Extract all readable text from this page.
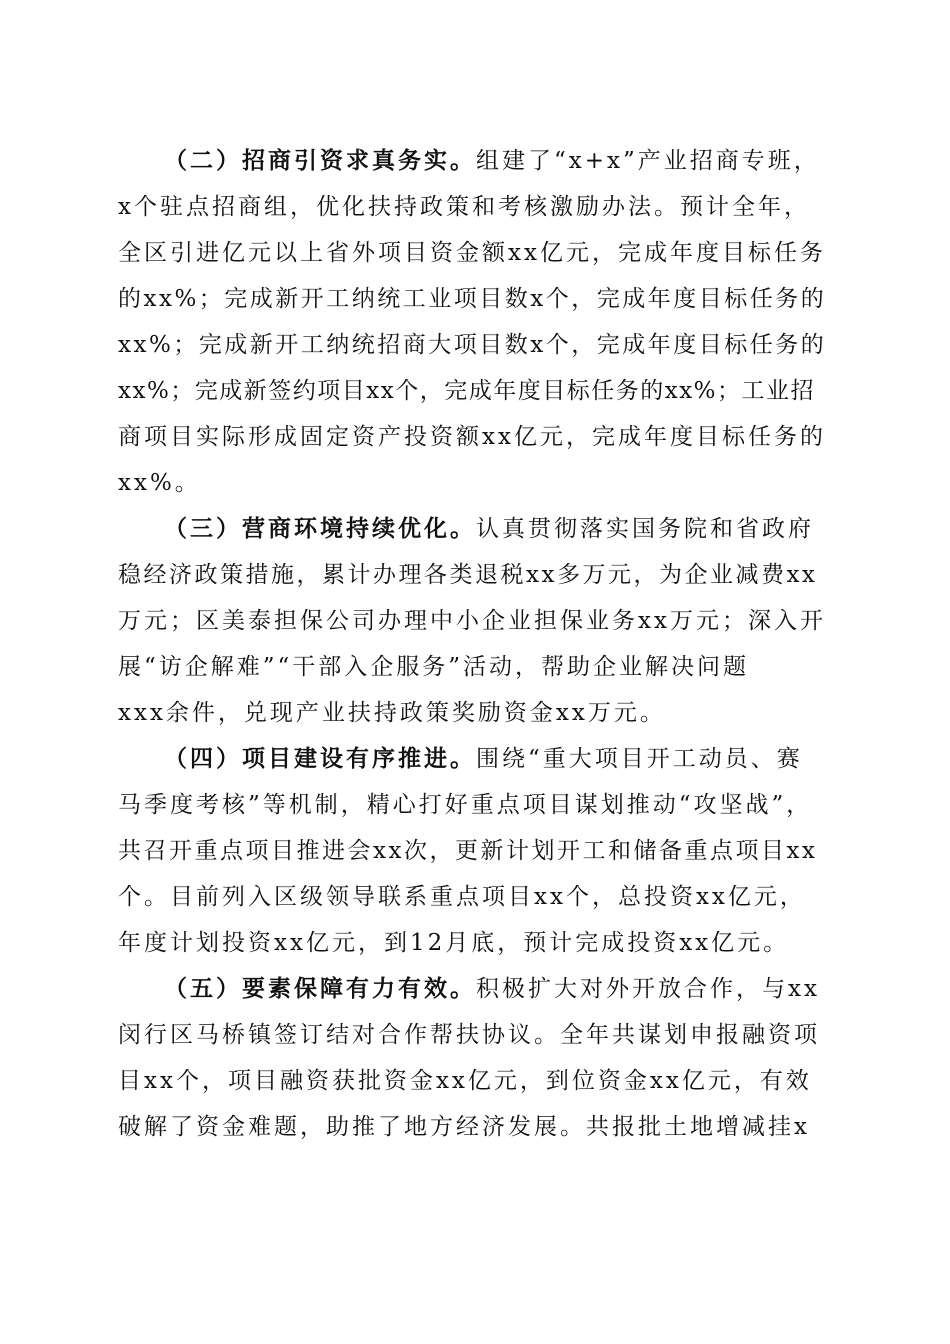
（二）招商引资求真务实。组建了“x+x”产业招商专班，
x个驻点招商组，优化扶持政策和考核激励办法。预计全年，
全区引进亿元以上省外项目资金额xx亿元，完成年度目标任务
的xx%；完成新开工纳统工业项目数x个，完成年度目标任务的
xx%；完成新开工纳统招商大项目数x个，完成年度目标任务的
xx%；完成新签约项目xx个，完成年度目标任务的xx%；工业招
商项目实际形成固定资产投资额xx亿元，完成年度目标任务的
xx%。
（三）营商环境持续优化。认真贯彻落实国务院和省政府
稳经济政策措施，累计办理各类退税xx多万元，为企业减费xx
万元；区美泰担保公司办理中小企业担保业务xx万元；深入开
展“访企解难”“干部入企服务”活动，帮助企业解决问题
xxx余件，兑现产业扶持政策奖励资金xx万元。
（四）项目建设有序推进。围绕“重大项目开工动员、赛
马季度考核”等机制，精心打好重点项目谋划推动“攻坚战”，
共召开重点项目推进会xx次，更新计划开工和储备重点项目xx
个。目前列入区级领导联系重点项目xx个，总投资xx亿元，
年度计划投资xx亿元，到12月底，预计完成投资xx亿元。
（五）要素保障有力有效。积极扩大对外开放合作，与xx
闵行区马桥镇签订结对合作帮扶协议。全年共谋划申报融资项
目xx个，项目融资获批资金xx亿元，到位资金xx亿元，有效
破解了资金难题，助推了地方经济发展。共报批土地增减挂x
